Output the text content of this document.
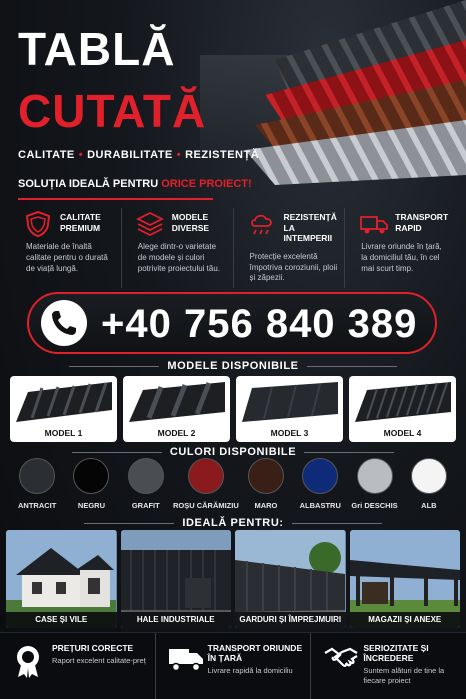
TABLĂ
CUTATĂ
CALITATE • DURABILITATE • REZISTENȚĂ
SOLUȚIA IDEALĂ PENTRU ORICE PROIECT!
CALITATE PREMIUM
Materiale de înaltă calitate pentru o durată de viață lungă.
MODELE DIVERSE
Alege dintr-o varietate de modele și culori potrivite proiectului tău.
REZISTENȚĂ LA INTEMPERII
Protecție excelentă împotriva coroziunii, ploii și zăpezii.
TRANSPORT RAPID
Livrare oriunde în țară, la domiciliul tău, în cel mai scurt timp.
+40 756 840 389
MODELE DISPONIBILE
MODEL 1	MODEL 2	MODEL 3	MODEL 4
CULORI DISPONIBILE
ANTRACIT	NEGRU	GRAFIT	ROȘU CĂRĂMIZIU	MARO	ALBASTRU	Gri DESCHIS	ALB
IDEALĂ PENTRU:
CASE ȘI VILE	HALE INDUSTRIALE	GARDURI ȘI ÎMPREJMUIRI	MAGAZII ȘI ANEXE
PREȚURI CORECTE
Raport excelent calitate-preț
TRANSPORT ORIUNDE ÎN ȚARĂ
Livrare rapidă la domiciliu
SERIOZITATE ȘI ÎNCREDERE
Suntem alături de tine la fiecare proiect
